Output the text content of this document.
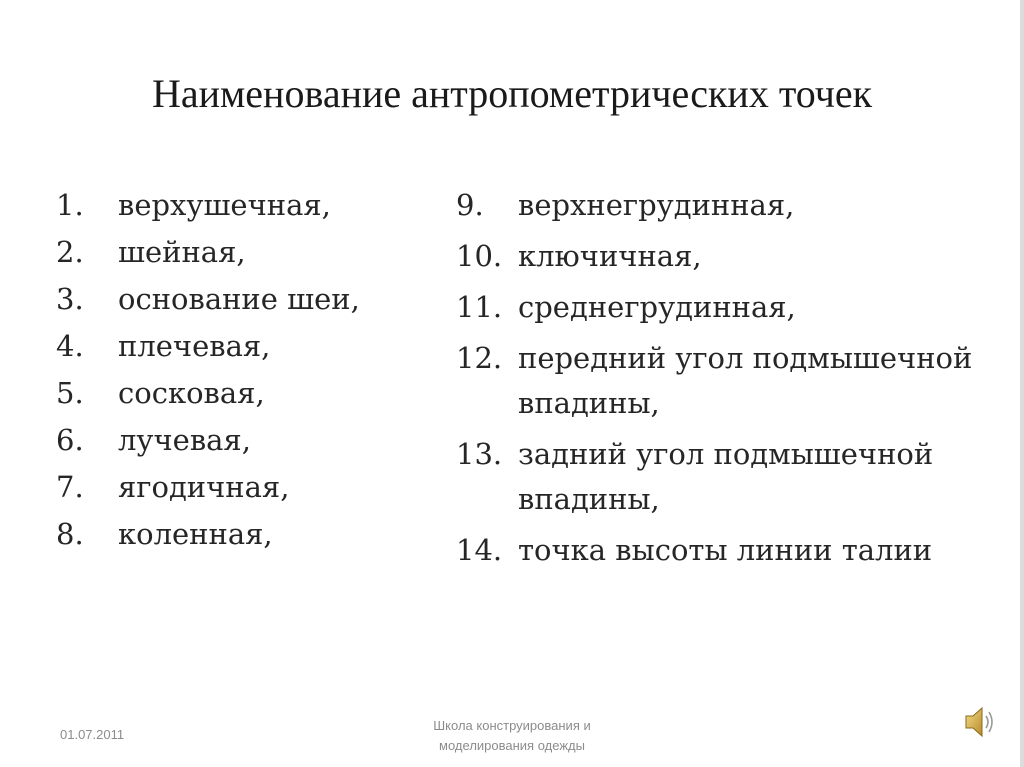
Наименование антропометрических точек
1.	верхушечная,
2.	шейная,
3.	основание шеи,
4.	плечевая,
5.	сосковая,
6.	лучевая,
7.	ягодичная,
8.	коленная,
9.	верхнегрудинная,
10. ключичная,
11. среднегрудинная,
12. передний угол подмышечной впадины,
13. задний угол подмышечной впадины,
14. точка высоты линии талии
01.07.2011
Школа конструирования и
моделирования одежды
